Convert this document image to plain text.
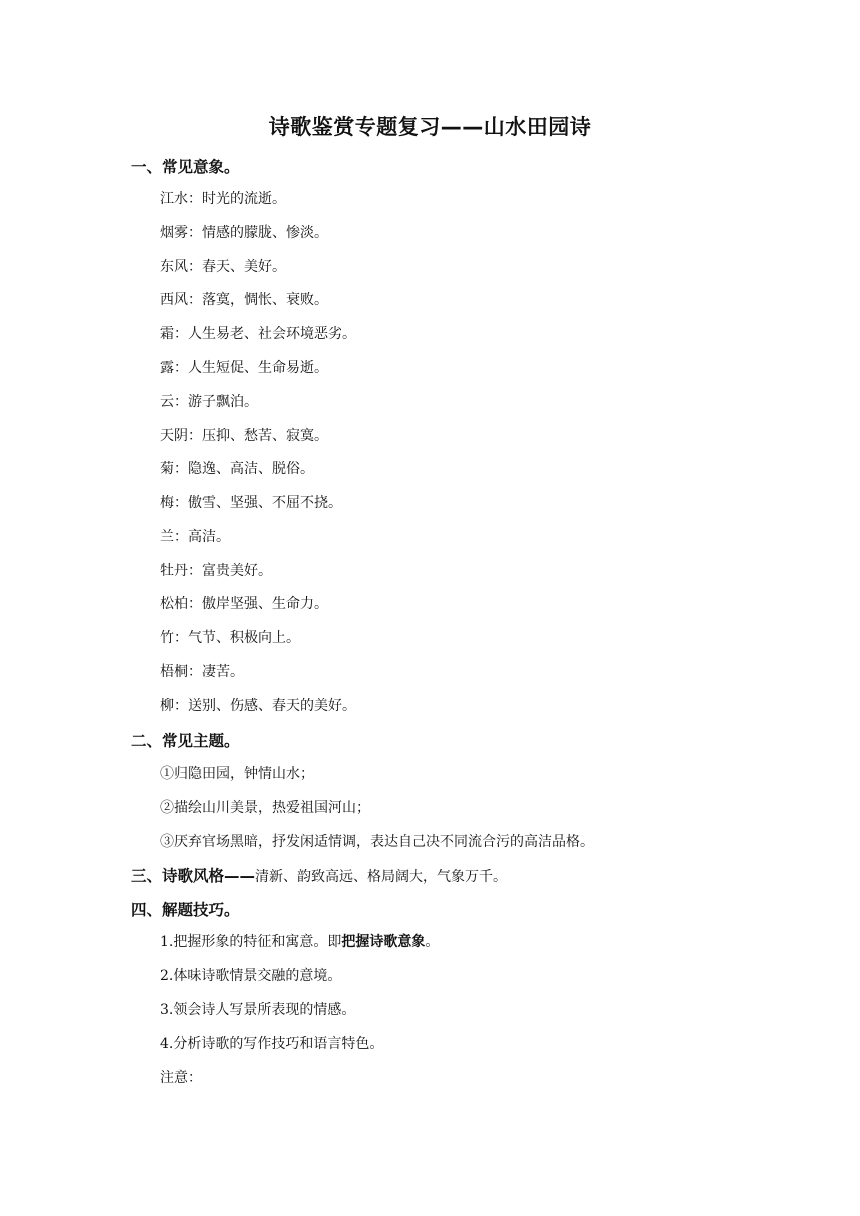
诗歌鉴赏专题复习——山水田园诗
一、常见意象。
江水：时光的流逝。
烟雾：情感的朦胧、惨淡。
东风：春天、美好。
西风：落寞，惆怅、衰败。
霜：人生易老、社会环境恶劣。
露：人生短促、生命易逝。
云：游子飘泊。
天阴：压抑、愁苦、寂寞。
菊：隐逸、高洁、脱俗。
梅：傲雪、坚强、不屈不挠。
兰：高洁。
牡丹：富贵美好。
松柏：傲岸坚强、生命力。
竹：气节、积极向上。
梧桐：凄苦。
柳：送别、伤感、春天的美好。
二、常见主题。
①归隐田园，钟情山水；
②描绘山川美景，热爱祖国河山；
③厌弃官场黑暗，抒发闲适情调，表达自己决不同流合污的高洁品格。
三、诗歌风格——清新、韵致高远、格局阔大，气象万千。
四、解题技巧。
1.把握形象的特征和寓意。即把握诗歌意象。
2.体味诗歌情景交融的意境。
3.领会诗人写景所表现的情感。
4.分析诗歌的写作技巧和语言特色。
注意：
